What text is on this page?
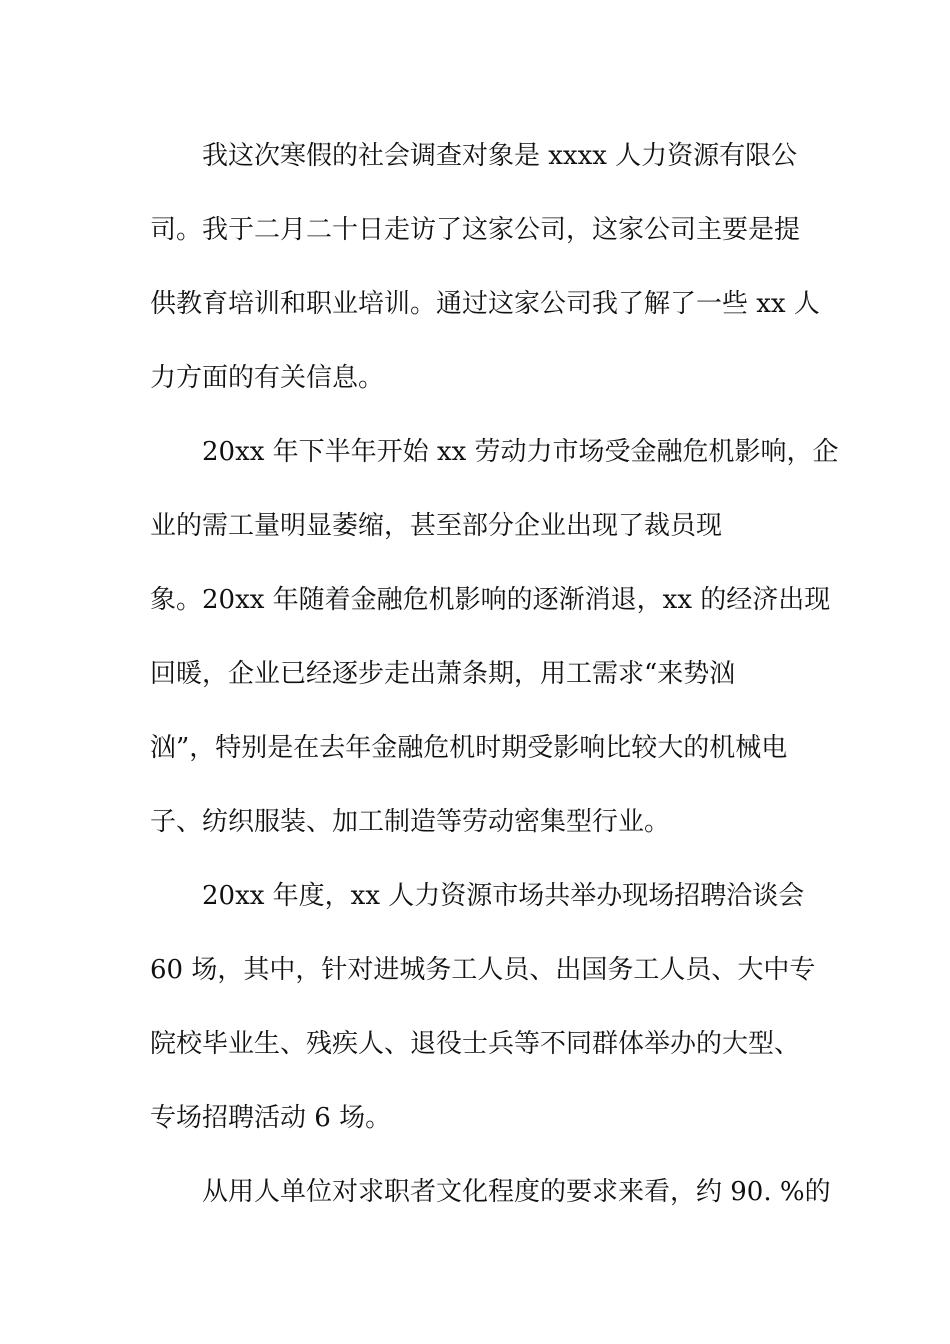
我这次寒假的社会调查对象是 xxxx 人力资源有限公
司。我于二月二十日走访了这家公司，这家公司主要是提
供教育培训和职业培训。通过这家公司我了解了一些 xx 人
力方面的有关信息。
20xx 年下半年开始 xx 劳动力市场受金融危机影响，企
业的需工量明显萎缩，甚至部分企业出现了裁员现
象。20xx 年随着金融危机影响的逐渐消退，xx 的经济出现
回暖，企业已经逐步走出萧条期，用工需求“来势汹
汹”，特别是在去年金融危机时期受影响比较大的机械电
子、纺织服装、加工制造等劳动密集型行业。
20xx 年度，xx 人力资源市场共举办现场招聘洽谈会
60 场，其中，针对进城务工人员、出国务工人员、大中专
院校毕业生、残疾人、退役士兵等不同群体举办的大型、
专场招聘活动 6 场。
从用人单位对求职者文化程度的要求来看，约 90. %的
